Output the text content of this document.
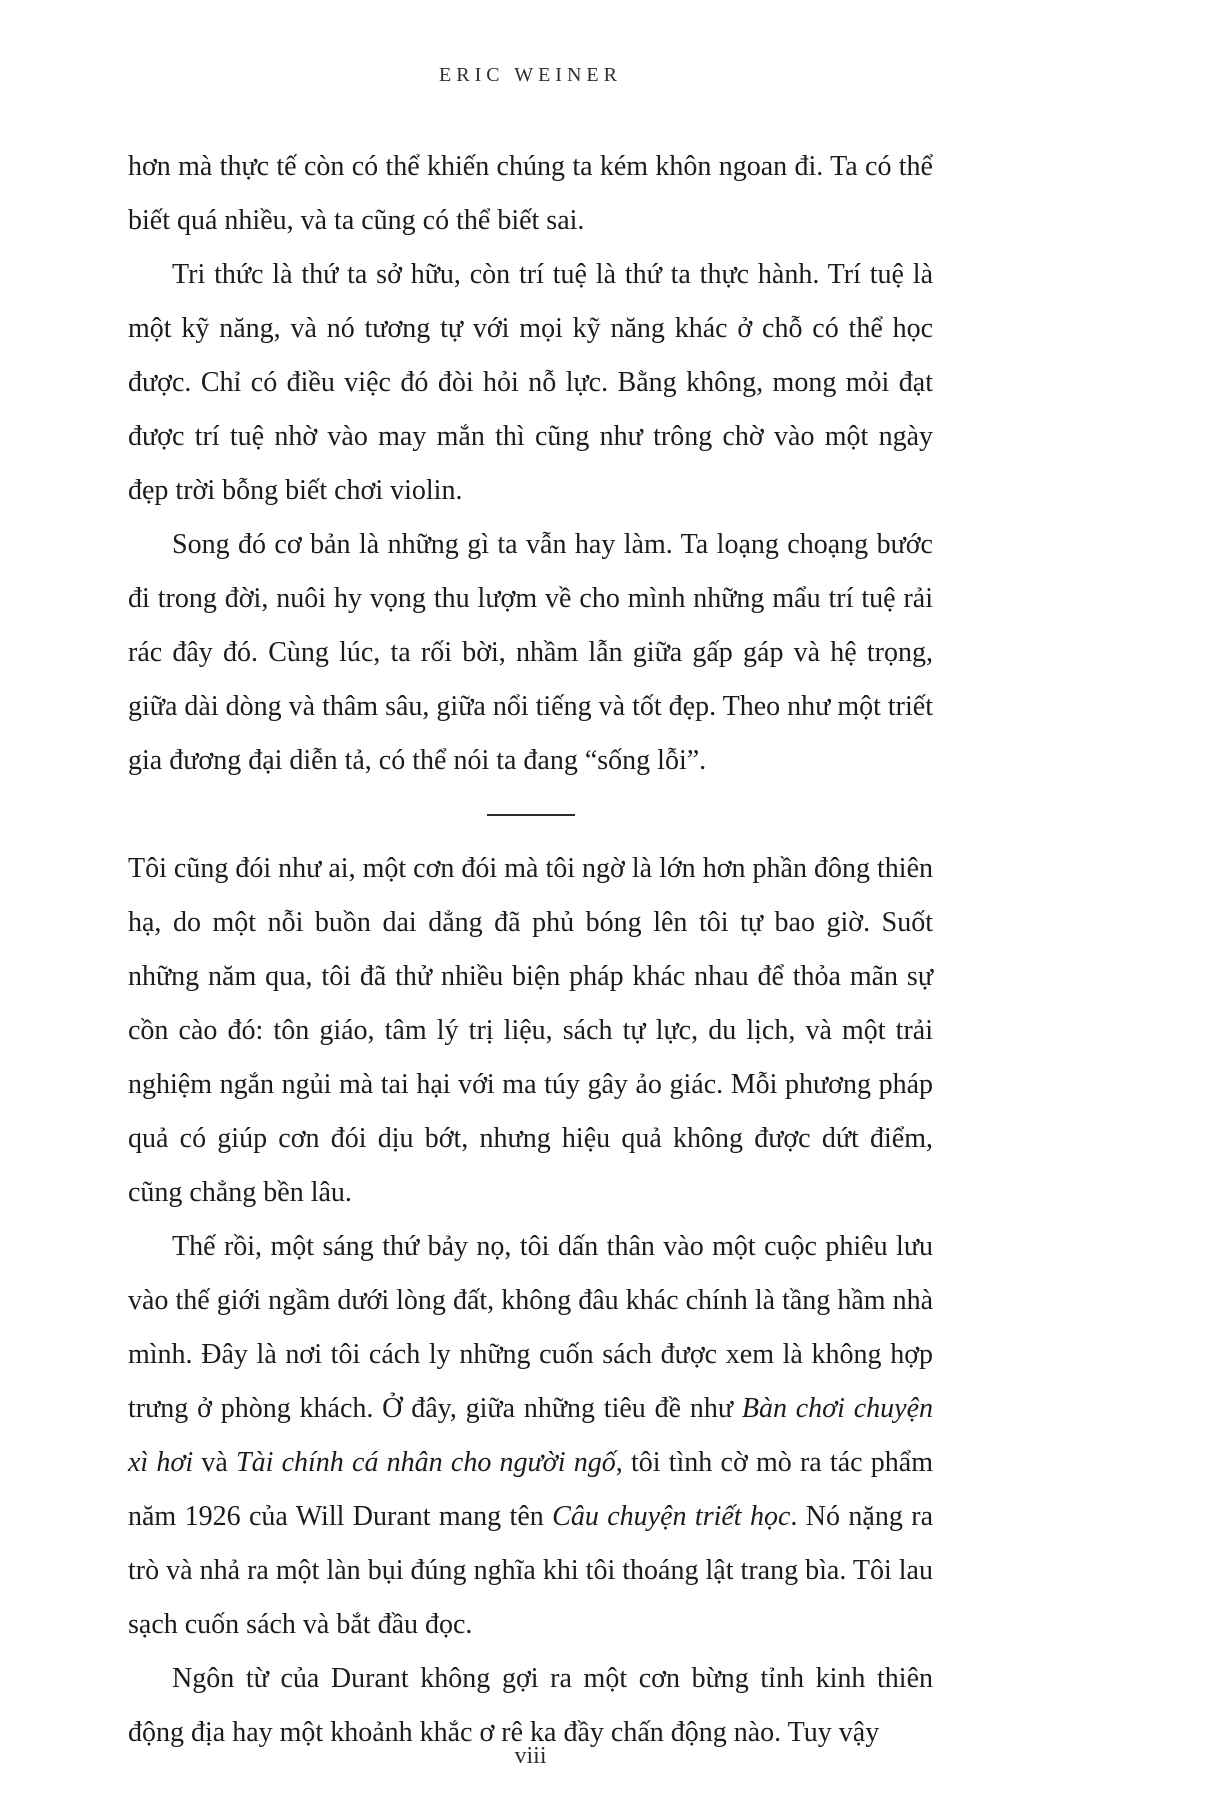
ERIC WEINER

hơn mà thực tế còn có thể khiến chúng ta kém khôn ngoan đi. Ta có thể biết quá nhiều, và ta cũng có thể biết sai.

Tri thức là thứ ta sở hữu, còn trí tuệ là thứ ta thực hành. Trí tuệ là một kỹ năng, và nó tương tự với mọi kỹ năng khác ở chỗ có thể học được. Chỉ có điều việc đó đòi hỏi nỗ lực. Bằng không, mong mỏi đạt được trí tuệ nhờ vào may mắn thì cũng như trông chờ vào một ngày đẹp trời bỗng biết chơi violin.

Song đó cơ bản là những gì ta vẫn hay làm. Ta loạng choạng bước đi trong đời, nuôi hy vọng thu lượm về cho mình những mẩu trí tuệ rải rác đây đó. Cùng lúc, ta rối bời, nhầm lẫn giữa gấp gáp và hệ trọng, giữa dài dòng và thâm sâu, giữa nổi tiếng và tốt đẹp. Theo như một triết gia đương đại diễn tả, có thể nói ta đang “sống lỗi”.

Tôi cũng đói như ai, một cơn đói mà tôi ngờ là lớn hơn phần đông thiên hạ, do một nỗi buồn dai dẳng đã phủ bóng lên tôi tự bao giờ. Suốt những năm qua, tôi đã thử nhiều biện pháp khác nhau để thỏa mãn sự cồn cào đó: tôn giáo, tâm lý trị liệu, sách tự lực, du lịch, và một trải nghiệm ngắn ngủi mà tai hại với ma túy gây ảo giác. Mỗi phương pháp quả có giúp cơn đói dịu bớt, nhưng hiệu quả không được dứt điểm, cũng chẳng bền lâu.

Thế rồi, một sáng thứ bảy nọ, tôi dấn thân vào một cuộc phiêu lưu vào thế giới ngầm dưới lòng đất, không đâu khác chính là tầng hầm nhà mình. Đây là nơi tôi cách ly những cuốn sách được xem là không hợp trưng ở phòng khách. Ở đây, giữa những tiêu đề như Bàn chơi chuyện xì hơi và Tài chính cá nhân cho người ngố, tôi tình cờ mò ra tác phẩm năm 1926 của Will Durant mang tên Câu chuyện triết học. Nó nặng ra trò và nhả ra một làn bụi đúng nghĩa khi tôi thoáng lật trang bìa. Tôi lau sạch cuốn sách và bắt đầu đọc.

Ngôn từ của Durant không gợi ra một cơn bừng tỉnh kinh thiên động địa hay một khoảnh khắc ơ rê ka đầy chấn động nào. Tuy vậy

viii
